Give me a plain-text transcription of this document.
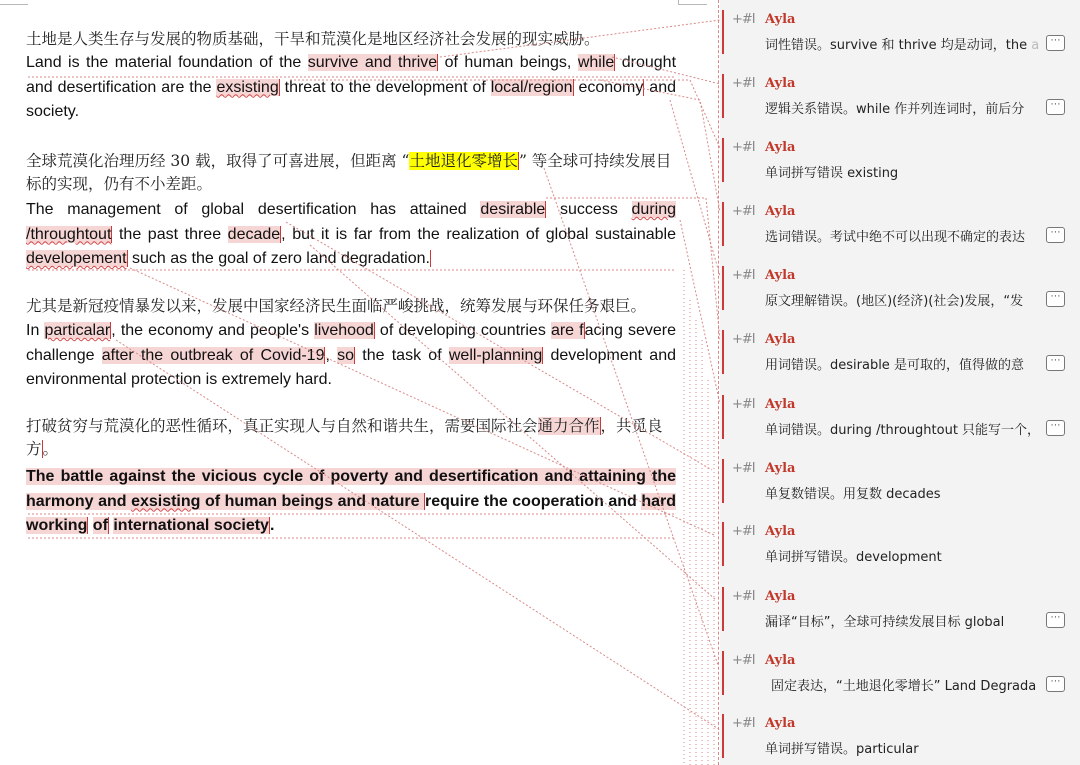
土地是人类生存与发展的物质基础，干旱和荒漠化是地区经济社会发展的现实威胁。
Land is the material foundation of the survive and thrive of human beings, while drought and desertification are the exsisting threat to the development of local/region economy and society.
全球荒漠化治理历经 30 载，取得了可喜进展，但距离 “土地退化零增长” 等全球可持续发展目标的实现，仍有不小差距。
The management of global desertification has attained desirable success during /throughtout the past three decade, but it is far from the realization of global sustainable developement such as the goal of zero land degradation.
尤其是新冠疫情暴发以来，发展中国家经济民生面临严峻挑战，统筹发展与环保任务艰巨。
In particalar, the economy and people's livehood of developing countries are facing severe challenge after the outbreak of Covid-19, so the task of well-planning development and environmental protection is extremely hard.
打破贫穷与荒漠化的恶性循环，真正实现人与自然和谐共生，需要国际社会通力合作，共觅良方。
The battle against the vicious cycle of poverty and desertification and attaining the harmony and exsisting of human beings and nature require the cooperation and hard working of international society.
+#I Ayla
词性错误。survive 和 thrive 均是动词，the a	⋯
+#I Ayla
逻辑关系错误。while 作并列连词时，前后分	⋯
+#I Ayla
单词拼写错误 existing
+#I Ayla
选词错误。考试中绝不可以出现不确定的表达	⋯
+#I Ayla
原文理解错误。(地区)(经济)(社会)发展，“发	⋯
+#I Ayla
用词错误。desirable 是可取的，值得做的意	⋯
+#I Ayla
单词错误。during /throughtout 只能写一个，	⋯
+#I Ayla
单复数错误。用复数 decades
+#I Ayla
单词拼写错误。development
+#I Ayla
漏译“目标”，全球可持续发展目标 global	⋯
+#I Ayla
固定表达，“土地退化零增长” Land Degrada	⋯
+#I Ayla
单词拼写错误。particular
